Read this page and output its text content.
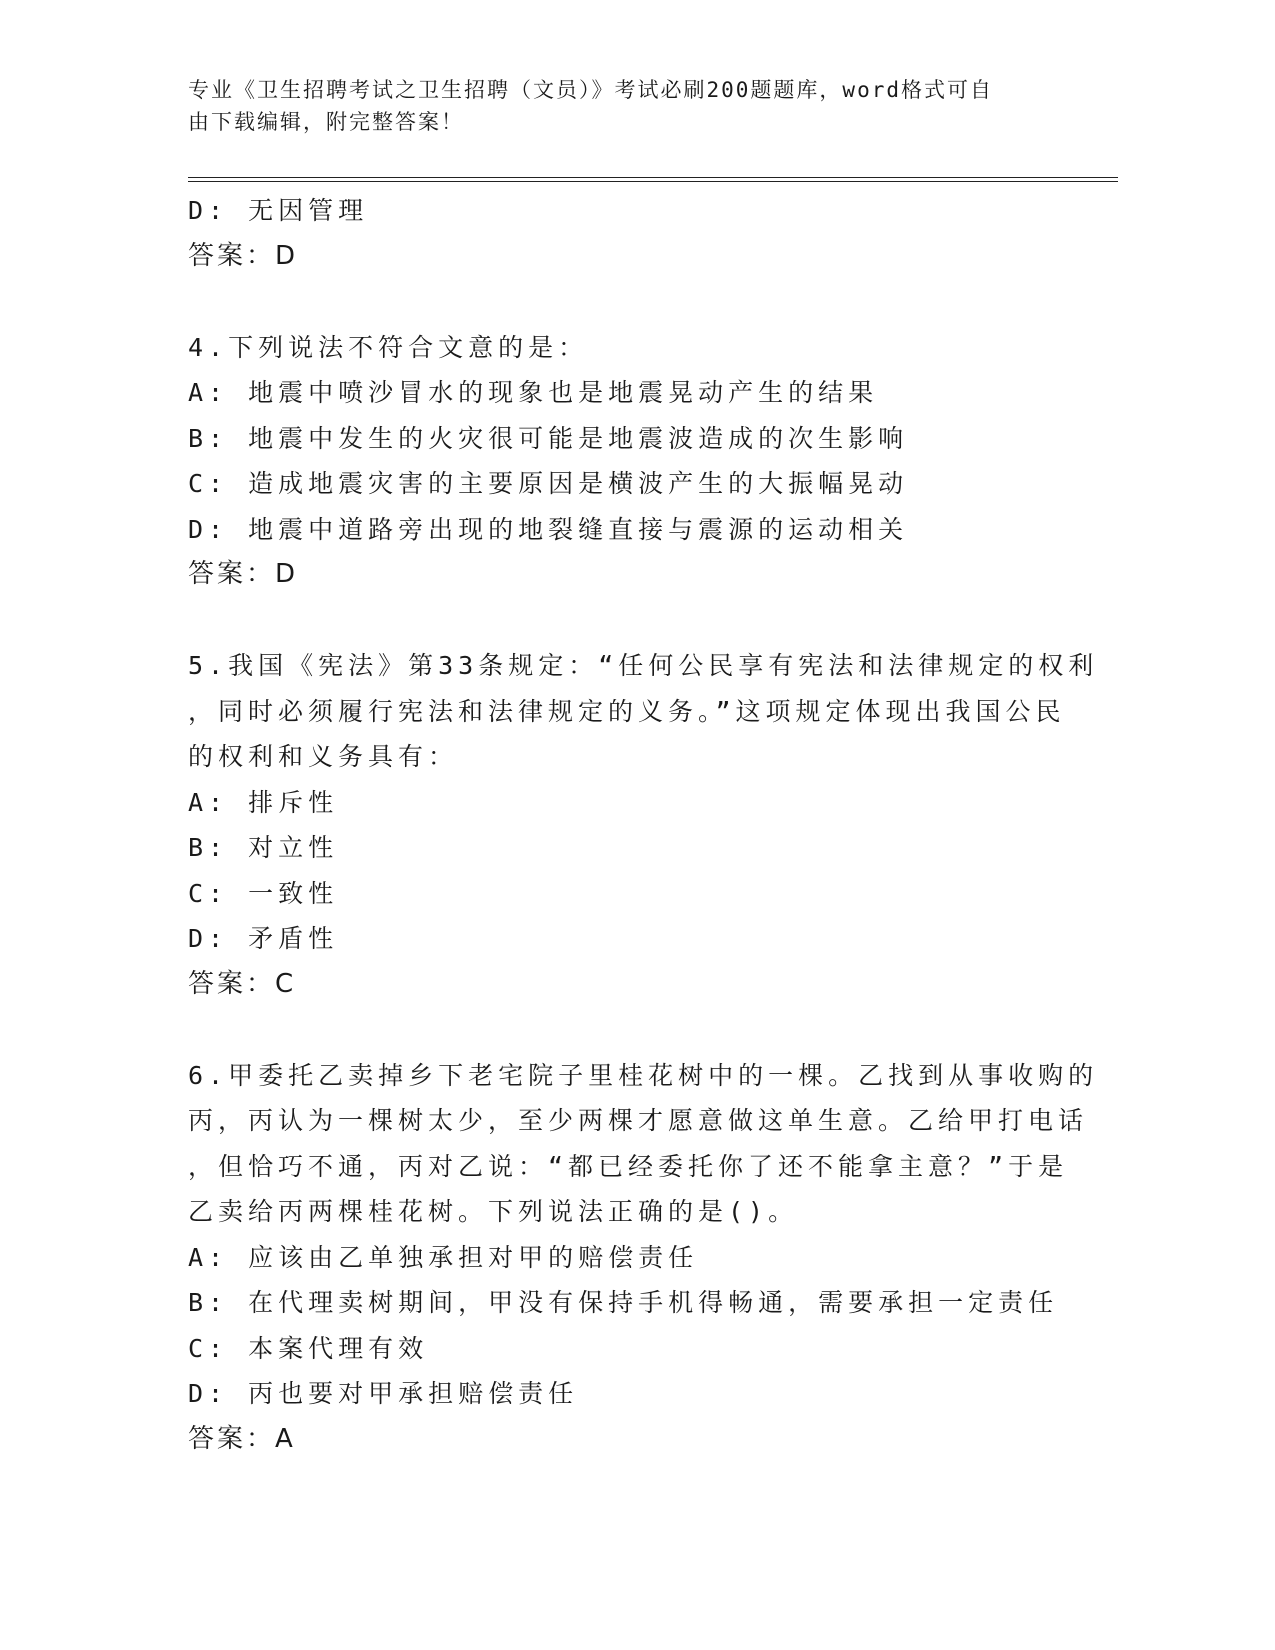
专业《卫生招聘考试之卫生招聘（文员）》考试必刷200题题库，word格式可自
由下载编辑，附完整答案！
D: 无因管理
答案：D
4.下列说法不符合文意的是：
A: 地震中喷沙冒水的现象也是地震晃动产生的结果
B: 地震中发生的火灾很可能是地震波造成的次生影响
C: 造成地震灾害的主要原因是横波产生的大振幅晃动
D: 地震中道路旁出现的地裂缝直接与震源的运动相关
答案：D
5.我国《宪法》第33条规定：“任何公民享有宪法和法律规定的权利
，同时必须履行宪法和法律规定的义务。”这项规定体现出我国公民
的权利和义务具有：
A: 排斥性
B: 对立性
C: 一致性
D: 矛盾性
答案：C
6.甲委托乙卖掉乡下老宅院子里桂花树中的一棵。乙找到从事收购的
丙，丙认为一棵树太少，至少两棵才愿意做这单生意。乙给甲打电话
，但恰巧不通，丙对乙说：“都已经委托你了还不能拿主意？”于是
乙卖给丙两棵桂花树。下列说法正确的是()。
A: 应该由乙单独承担对甲的赔偿责任
B: 在代理卖树期间，甲没有保持手机得畅通，需要承担一定责任
C: 本案代理有效
D: 丙也要对甲承担赔偿责任
答案：A
